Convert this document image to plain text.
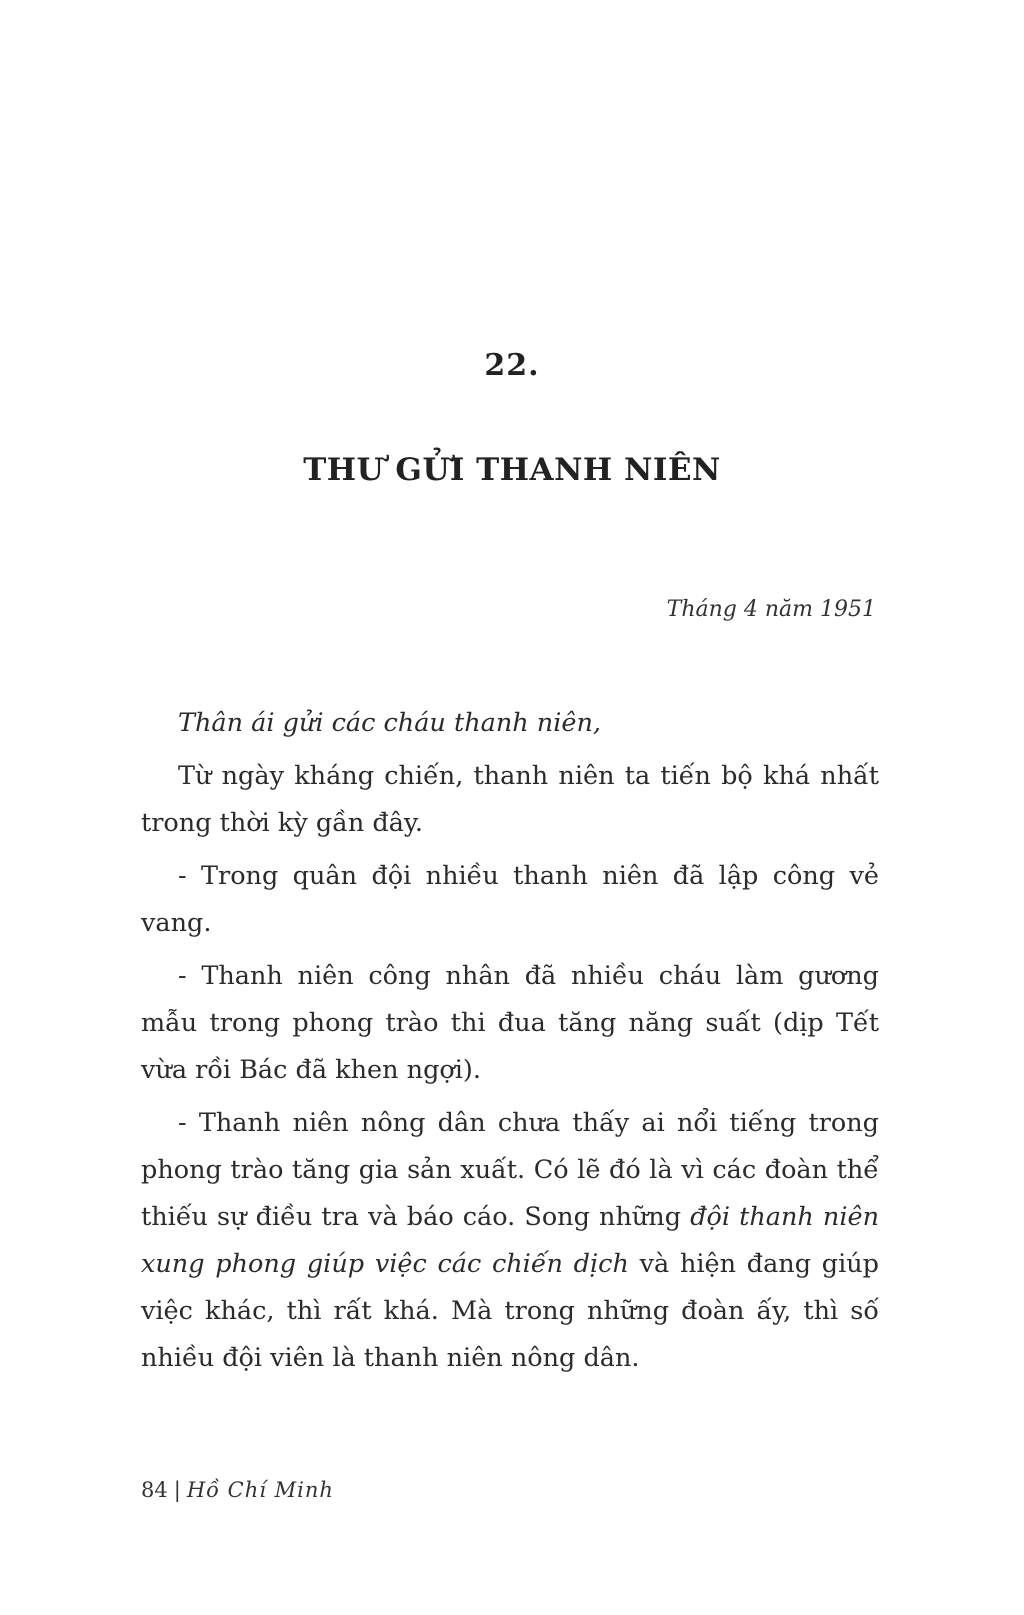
22.
THƯ GỬI THANH NIÊN
Tháng 4 năm 1951

Thân ái gửi các cháu thanh niên,

Từ ngày kháng chiến, thanh niên ta tiến bộ khá nhất trong thời kỳ gần đây.

- Trong quân đội nhiều thanh niên đã lập công vẻ vang.

- Thanh niên công nhân đã nhiều cháu làm gương mẫu trong phong trào thi đua tăng năng suất (dịp Tết vừa rồi Bác đã khen ngợi).

- Thanh niên nông dân chưa thấy ai nổi tiếng trong phong trào tăng gia sản xuất. Có lẽ đó là vì các đoàn thể thiếu sự điều tra và báo cáo. Song những đội thanh niên xung phong giúp việc các chiến dịch và hiện đang giúp việc khác, thì rất khá. Mà trong những đoàn ấy, thì số nhiều đội viên là thanh niên nông dân.

84 | Hồ Chí Minh
